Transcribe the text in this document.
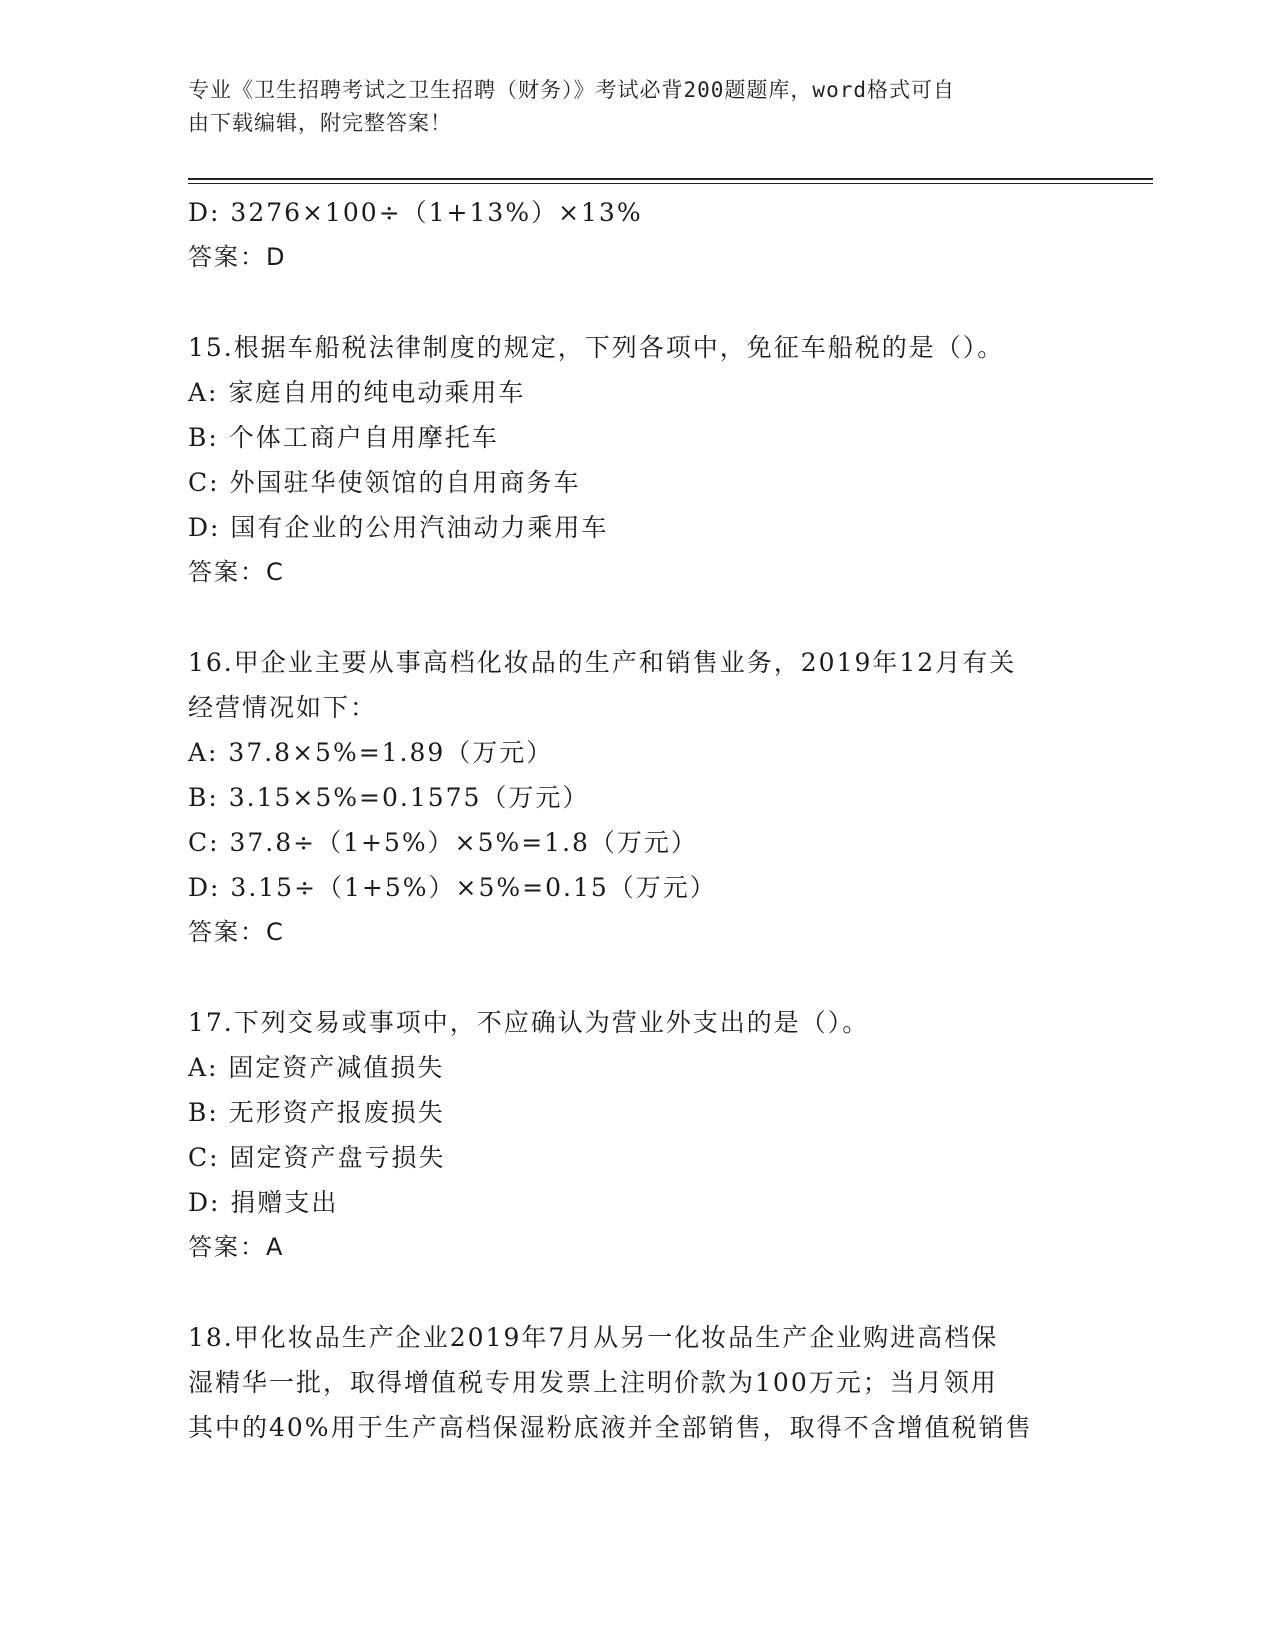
专业《卫生招聘考试之卫生招聘（财务）》考试必背200题题库，word格式可自
由下载编辑，附完整答案！
D: 3276×100÷（1+13%）×13%
答案：D
15.根据车船税法律制度的规定，下列各项中，免征车船税的是（）。
A: 家庭自用的纯电动乘用车
B: 个体工商户自用摩托车
C: 外国驻华使领馆的自用商务车
D: 国有企业的公用汽油动力乘用车
答案：C
16.甲企业主要从事高档化妆品的生产和销售业务，2019年12月有关
经营情况如下：
A: 37.8×5%=1.89（万元）
B: 3.15×5%=0.1575（万元）
C: 37.8÷（1+5%）×5%=1.8（万元）
D: 3.15÷（1+5%）×5%=0.15（万元）
答案：C
17.下列交易或事项中，不应确认为营业外支出的是（）。
A: 固定资产减值损失
B: 无形资产报废损失
C: 固定资产盘亏损失
D: 捐赠支出
答案：A
18.甲化妆品生产企业2019年7月从另一化妆品生产企业购进高档保
湿精华一批，取得增值税专用发票上注明价款为100万元；当月领用
其中的40%用于生产高档保湿粉底液并全部销售，取得不含增值税销售
